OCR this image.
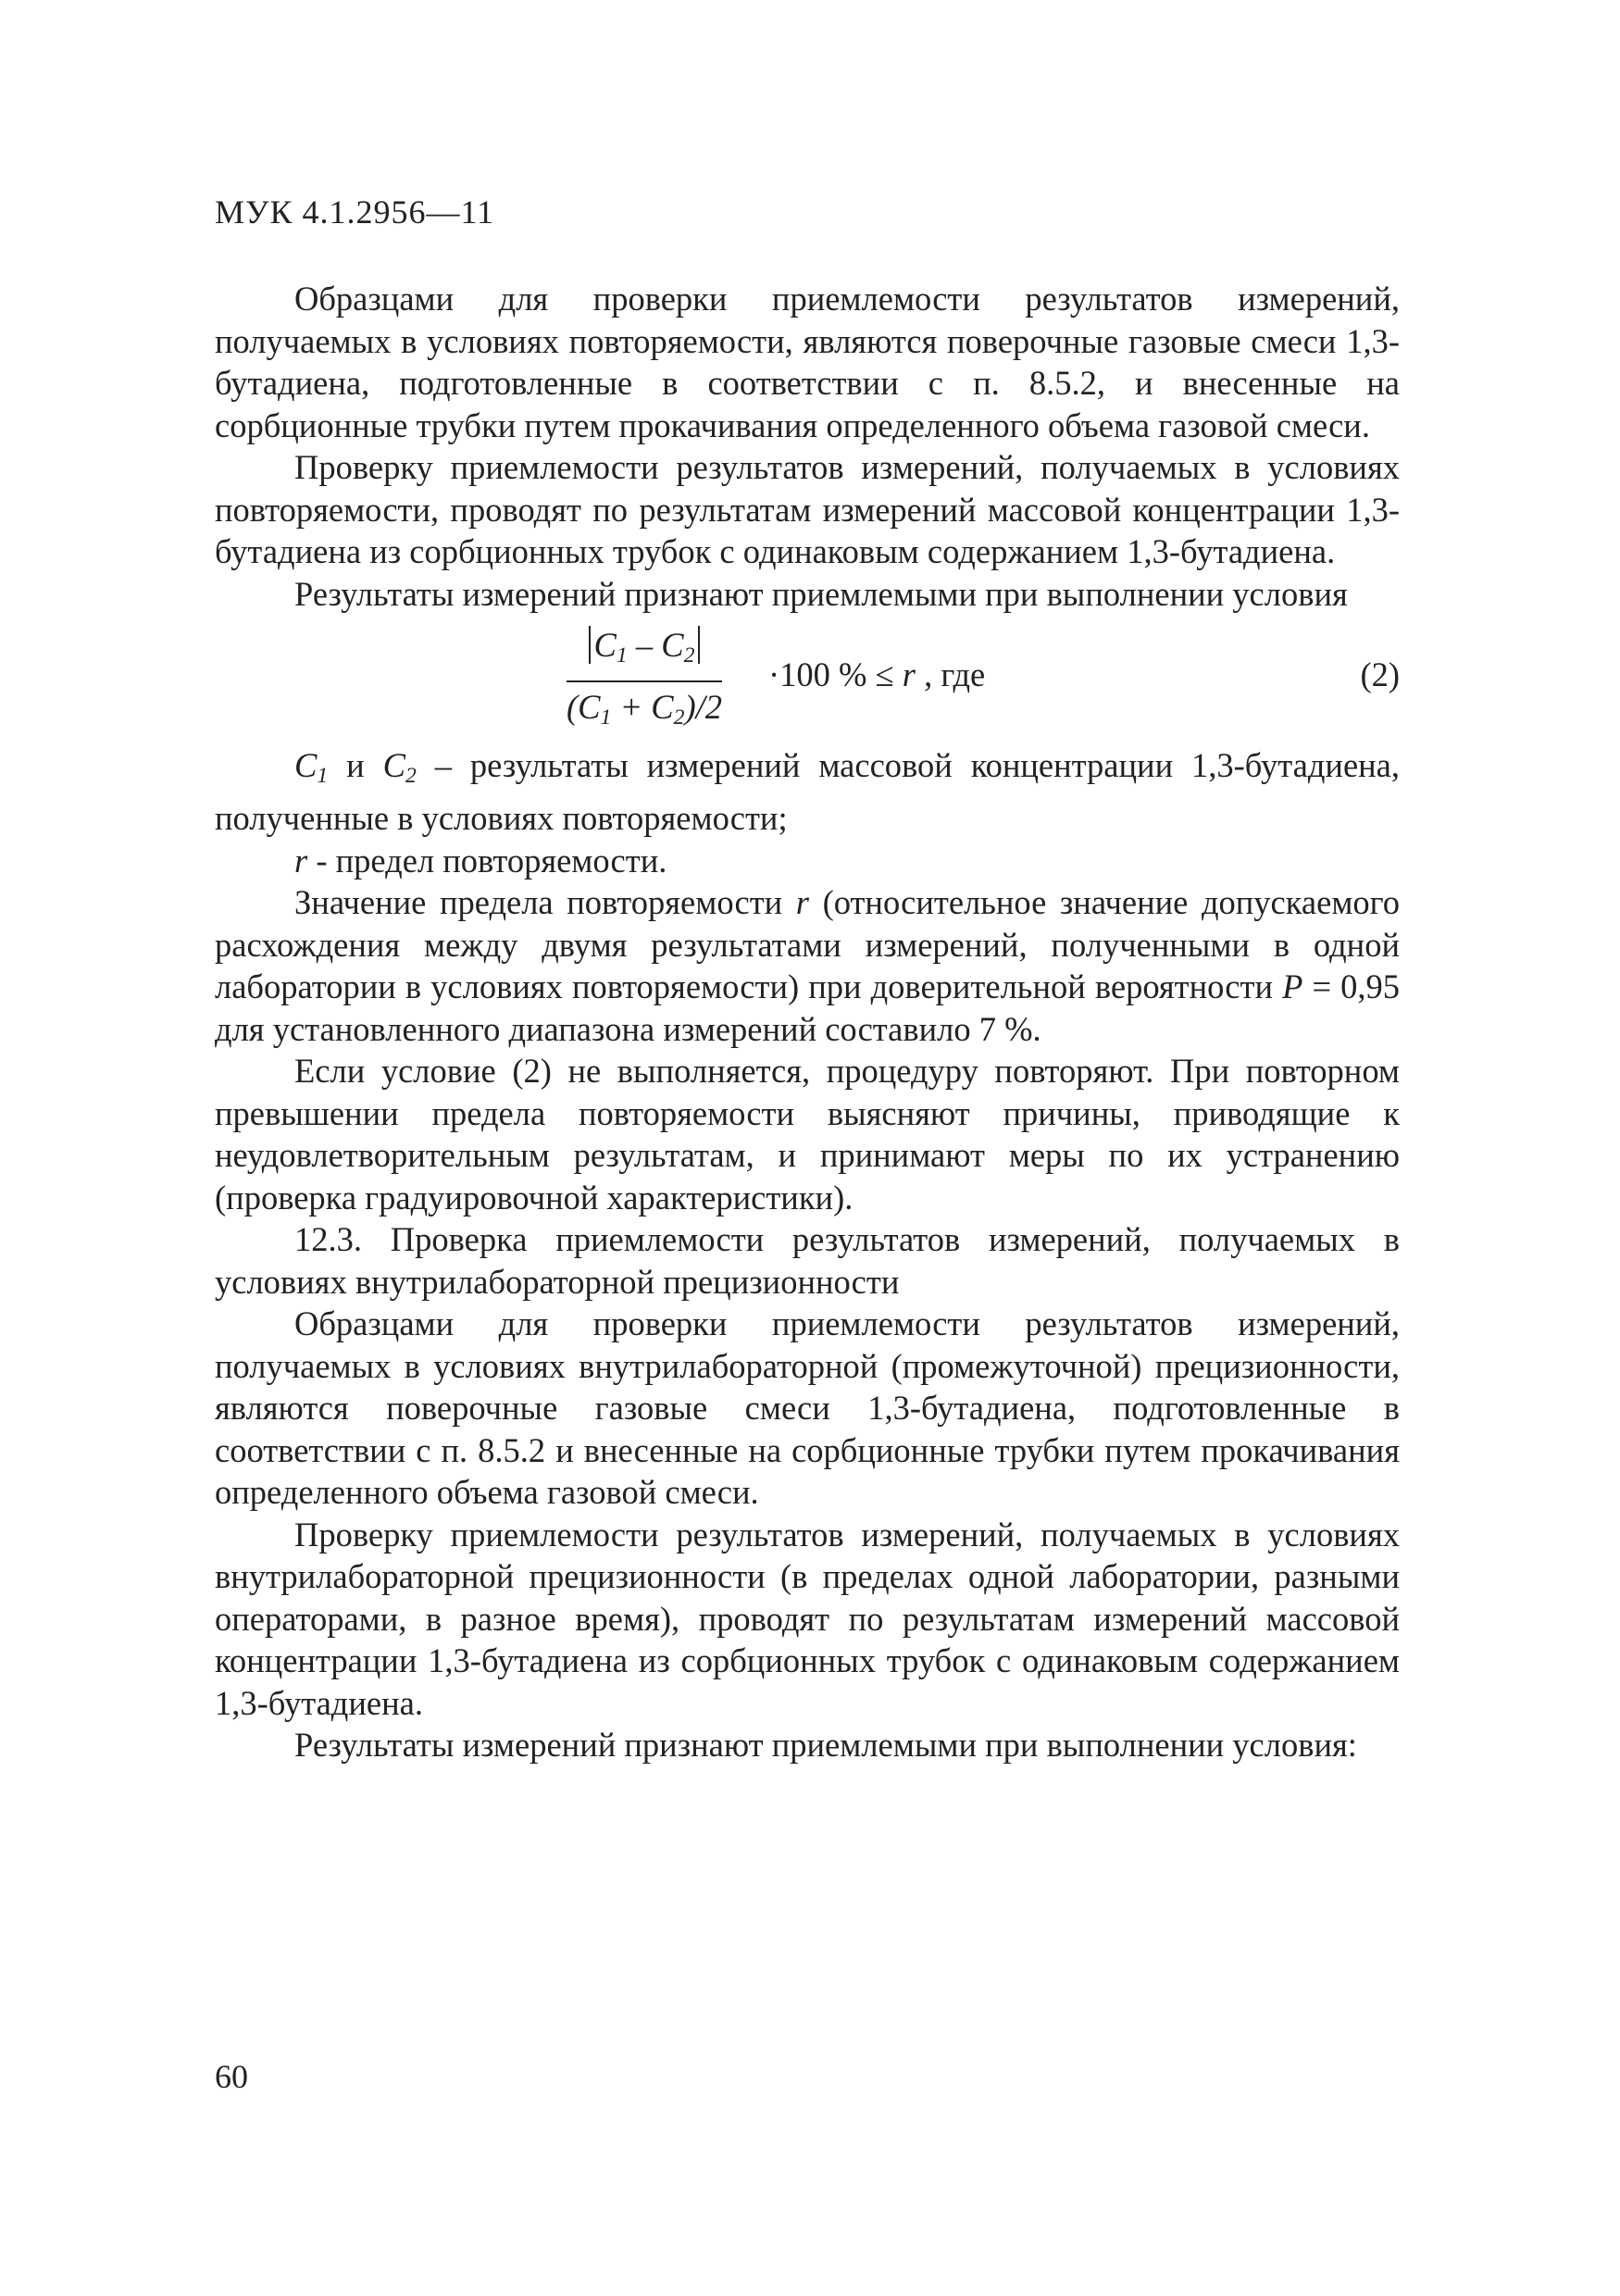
МУК 4.1.2956—11

Образцами для проверки приемлемости результатов измерений, получаемых в условиях повторяемости, являются поверочные газовые смеси 1,3-бутадиена, подготовленные в соответствии с п. 8.5.2, и внесенные на сорбционные трубки путем прокачивания определенного объема газовой смеси.

Проверку приемлемости результатов измерений, получаемых в условиях повторяемости, проводят по результатам измерений массовой концентрации 1,3-бутадиена из сорбционных трубок с одинаковым содержанием 1,3-бутадиена.

Результаты измерений признают приемлемыми при выполнении условия

$\frac{C_1 - C_2}{(C_1 + C_2)/2} \cdot 100$ % ≤ r , где	(2)

$C_1$ и $C_2$ – результаты измерений массовой концентрации 1,3-бутадиена, полученные в условиях повторяемости;

r - предел повторяемости.

Значение предела повторяемости r (относительное значение допускаемого расхождения между двумя результатами измерений, полученными в одной лаборатории в условиях повторяемости) при доверительной вероятности P = 0,95 для установленного диапазона измерений составило 7 %.

Если условие (2) не выполняется, процедуру повторяют. При повторном превышении предела повторяемости выясняют причины, приводящие к неудовлетворительным результатам, и принимают меры по их устранению (проверка градуировочной характеристики).

12.3. Проверка приемлемости результатов измерений, получаемых в условиях внутрилабораторной прецизионности

Образцами для проверки приемлемости результатов измерений, получаемых в условиях внутрилабораторной (промежуточной) прецизионности, являются поверочные газовые смеси 1,3-бутадиена, подготовленные в соответствии с п. 8.5.2 и внесенные на сорбционные трубки путем прокачивания определенного объема газовой смеси.

Проверку приемлемости результатов измерений, получаемых в условиях внутрилабораторной прецизионности (в пределах одной лаборатории, разными операторами, в разное время), проводят по результатам измерений массовой концентрации 1,3-бутадиена из сорбционных трубок с одинаковым содержанием 1,3-бутадиена.

Результаты измерений признают приемлемыми при выполнении условия:

60
